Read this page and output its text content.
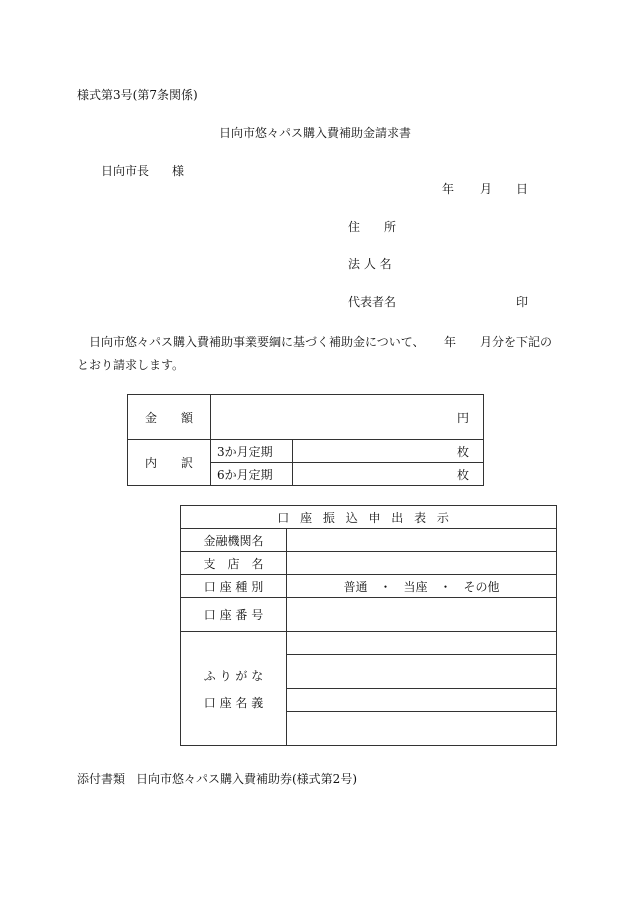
様式第3号(第7条関係)
日向市悠々パス購入費補助金請求書
日向市長 様
年 月 日
住　　所
法 人 名
代表者名	印
日向市悠々パス購入費補助事業要綱に基づく補助金について、 年 月分を下記の
とおり請求します。
金　　額	円	
内　　訳	3か月定期	枚
	6か月定期	枚
口座振込申出表示	
金融機関名	
支　店　名	
口 座 種 別	普通　・　当座　・　その他
口 座 番 号	

ふ り が な
口 座 名 義	

添付書類 日向市悠々パス購入費補助券(様式第2号)
